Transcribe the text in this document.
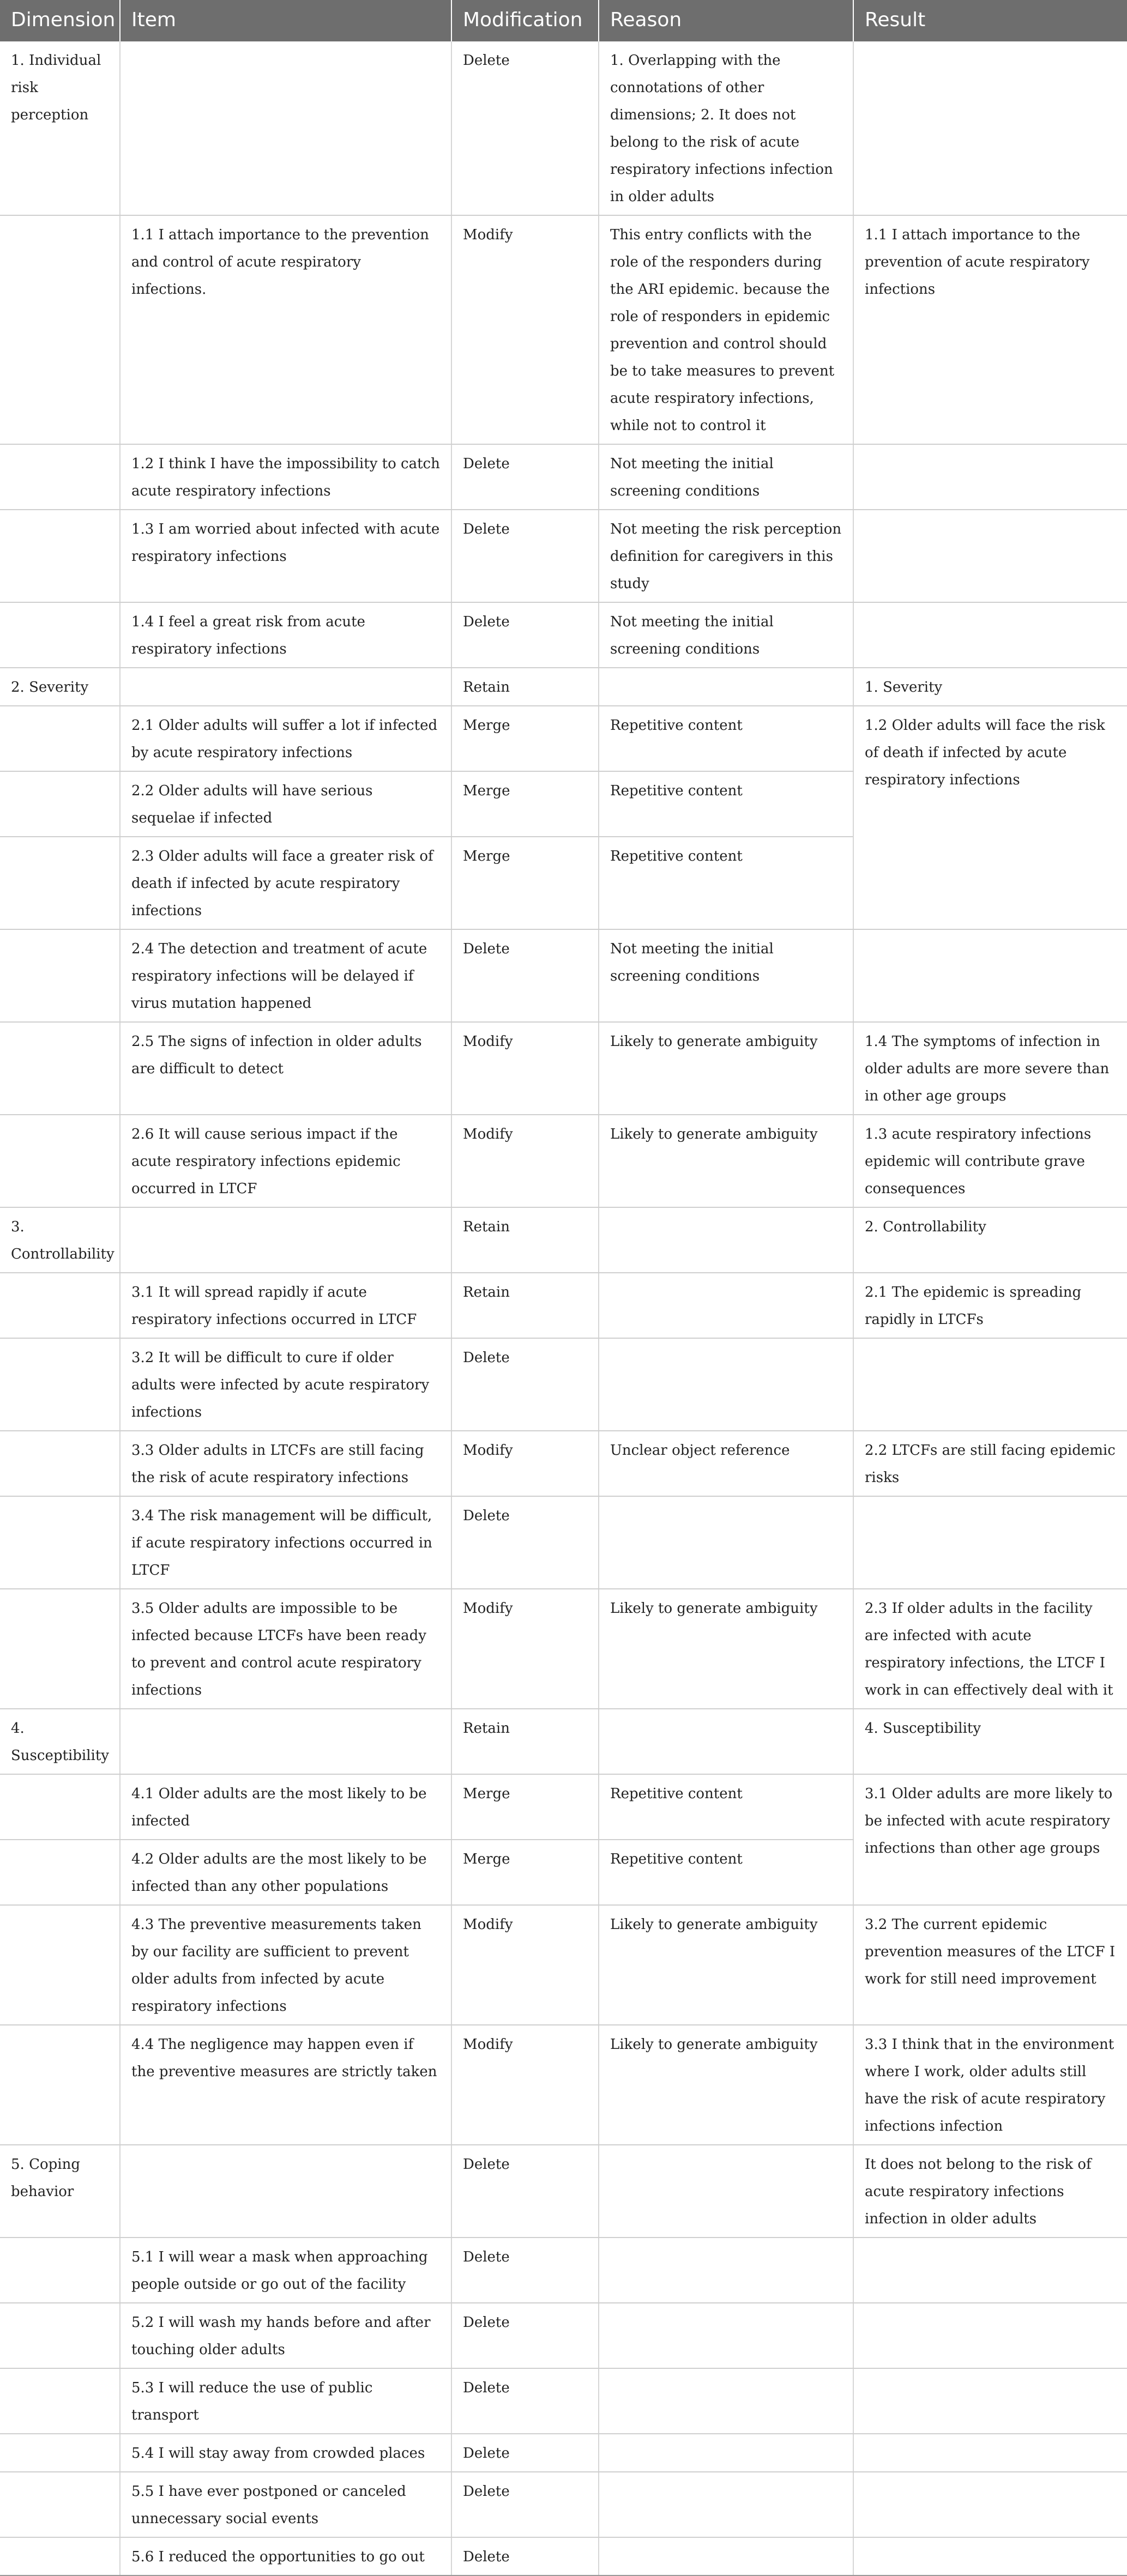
Dimension	Item	Modification	Reason	Result
1. Individual risk perception		Delete	1. Overlapping with the connotations of other dimensions; 2. It does not belong to the risk of acute respiratory infections infection in older adults	
	1.1 I attach importance to the prevention and control of acute respiratory infections.	Modify	This entry conflicts with the role of the responders during the ARI epidemic. because the role of responders in epidemic prevention and control should be to take measures to prevent acute respiratory infections, while not to control it	1.1 I attach importance to the prevention of acute respiratory infections
	1.2 I think I have the impossibility to catch acute respiratory infections	Delete	Not meeting the initial screening conditions	
	1.3 I am worried about infected with acute respiratory infections	Delete	Not meeting the risk perception definition for caregivers in this study	
	1.4 I feel a great risk from acute respiratory infections	Delete	Not meeting the initial screening conditions	
2. Severity		Retain		1. Severity
	2.1 Older adults will suffer a lot if infected by acute respiratory infections	Merge	Repetitive content	1.2 Older adults will face the risk of death if infected by acute respiratory infections
	2.2 Older adults will have serious sequelae if infected	Merge	Repetitive content	
	2.3 Older adults will face a greater risk of death if infected by acute respiratory infections	Merge	Repetitive content	
	2.4 The detection and treatment of acute respiratory infections will be delayed if virus mutation happened	Delete	Not meeting the initial screening conditions	
	2.5 The signs of infection in older adults are difficult to detect	Modify	Likely to generate ambiguity	1.4 The symptoms of infection in older adults are more severe than in other age groups
	2.6 It will cause serious impact if the acute respiratory infections epidemic occurred in LTCF	Modify	Likely to generate ambiguity	1.3 acute respiratory infections epidemic will contribute grave consequences
3. Controllability		Retain		2. Controllability
	3.1 It will spread rapidly if acute respiratory infections occurred in LTCF	Retain		2.1 The epidemic is spreading rapidly in LTCFs
	3.2 It will be difficult to cure if older adults were infected by acute respiratory infections	Delete		
	3.3 Older adults in LTCFs are still facing the risk of acute respiratory infections	Modify	Unclear object reference	2.2 LTCFs are still facing epidemic risks
	3.4 The risk management will be difficult, if acute respiratory infections occurred in LTCF	Delete		
	3.5 Older adults are impossible to be infected because LTCFs have been ready to prevent and control acute respiratory infections	Modify	Likely to generate ambiguity	2.3 If older adults in the facility are infected with acute respiratory infections, the LTCF I work in can effectively deal with it
4. Susceptibility		Retain		4. Susceptibility
	4.1 Older adults are the most likely to be infected	Merge	Repetitive content	3.1 Older adults are more likely to be infected with acute respiratory infections than other age groups
	4.2 Older adults are the most likely to be infected than any other populations	Merge	Repetitive content	
	4.3 The preventive measurements taken by our facility are sufficient to prevent older adults from infected by acute respiratory infections	Modify	Likely to generate ambiguity	3.2 The current epidemic prevention measures of the LTCF I work for still need improvement
	4.4 The negligence may happen even if the preventive measures are strictly taken	Modify	Likely to generate ambiguity	3.3 I think that in the environment where I work, older adults still have the risk of acute respiratory infections infection
5. Coping behavior		Delete		It does not belong to the risk of acute respiratory infections infection in older adults
	5.1 I will wear a mask when approaching people outside or go out of the facility	Delete		
	5.2 I will wash my hands before and after touching older adults	Delete		
	5.3 I will reduce the use of public transport	Delete		
	5.4 I will stay away from crowded places	Delete		
	5.5 I have ever postponed or canceled unnecessary social events	Delete		
	5.6 I reduced the opportunities to go out	Delete		
